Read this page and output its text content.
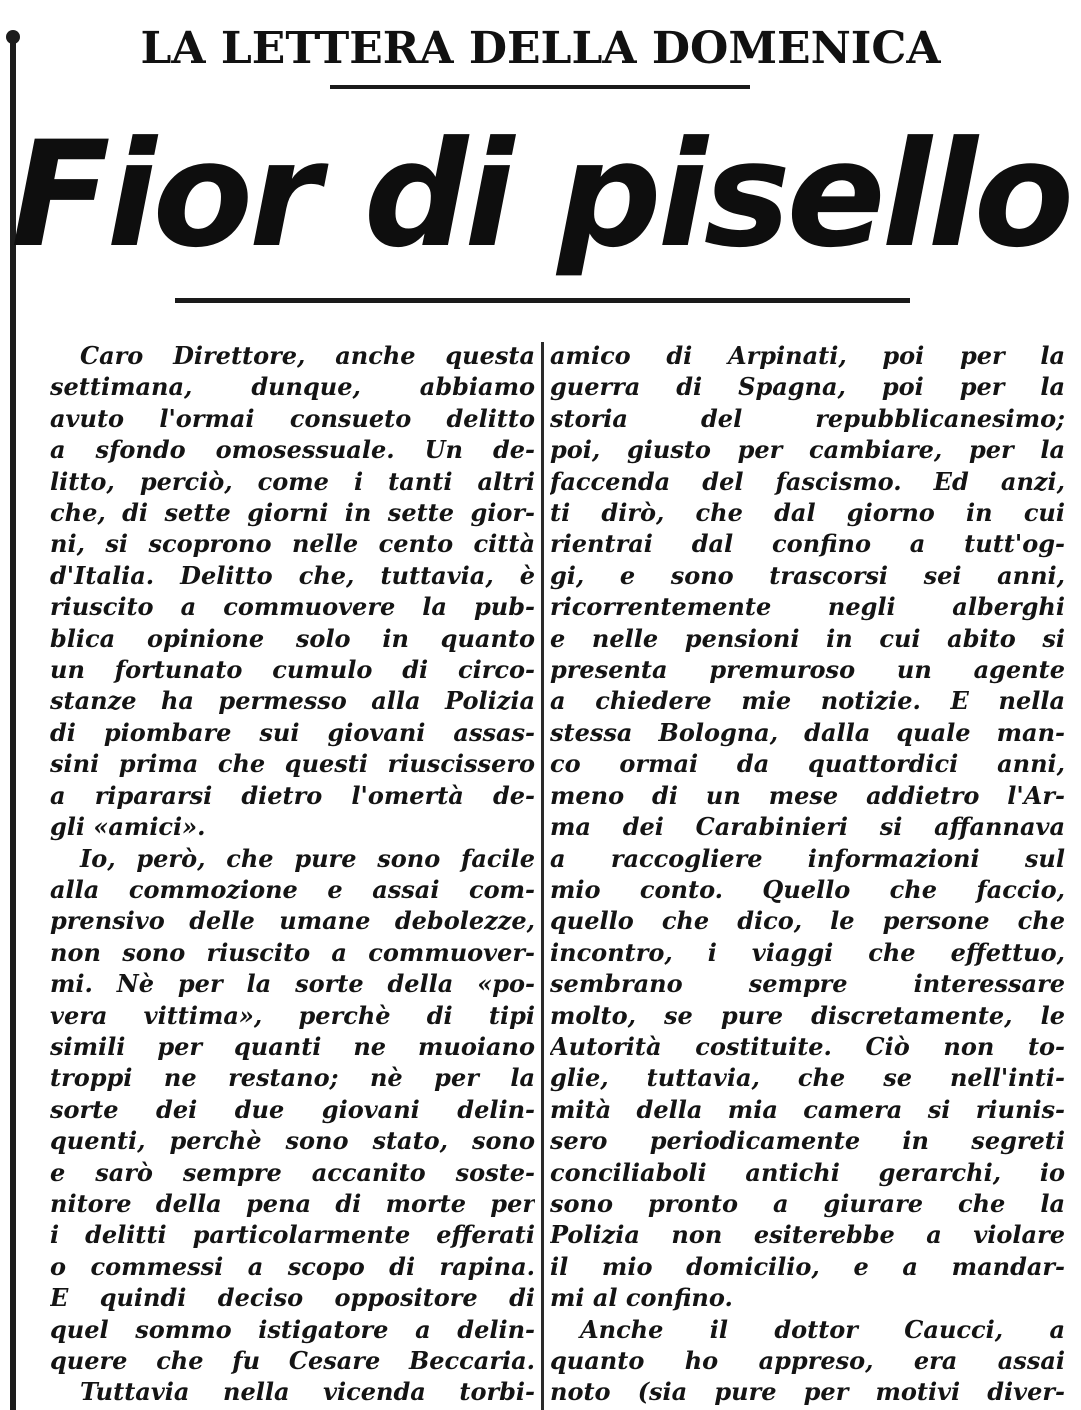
LA LETTERA DELLA DOMENICA
Fior di pisello
Caro Direttore, anche questa
settimana, dunque, abbiamo
avuto l'ormai consueto delitto
a sfondo omosessuale. Un de-
litto, perciò, come i tanti altri
che, di sette giorni in sette gior-
ni, si scoprono nelle cento città
d'Italia. Delitto che, tuttavia, è
riuscito a commuovere la pub-
blica opinione solo in quanto
un fortunato cumulo di circo-
stanze ha permesso alla Polizia
di piombare sui giovani assas-
sini prima che questi riuscissero
a ripararsi dietro l'omertà de-
gli «amici».
Io, però, che pure sono facile
alla commozione e assai com-
prensivo delle umane debolezze,
non sono riuscito a commuover-
mi. Nè per la sorte della «po-
vera vittima», perchè di tipi
simili per quanti ne muoiano
troppi ne restano; nè per la
sorte dei due giovani delin-
quenti, perchè sono stato, sono
e sarò sempre accanito soste-
nitore della pena di morte per
i delitti particolarmente efferati
o commessi a scopo di rapina.
E quindi deciso oppositore di
quel sommo istigatore a delin-
quere che fu Cesare Beccaria.
Tuttavia nella vicenda torbi-
amico di Arpinati, poi per la
guerra di Spagna, poi per la
storia del repubblicanesimo;
poi, giusto per cambiare, per la
faccenda del fascismo. Ed anzi,
ti dirò, che dal giorno in cui
rientrai dal confino a tutt'og-
gi, e sono trascorsi sei anni,
ricorrentemente negli alberghi
e nelle pensioni in cui abito si
presenta premuroso un agente
a chiedere mie notizie. E nella
stessa Bologna, dalla quale man-
co ormai da quattordici anni,
meno di un mese addietro l'Ar-
ma dei Carabinieri si affannava
a raccogliere informazioni sul
mio conto. Quello che faccio,
quello che dico, le persone che
incontro, i viaggi che effettuo,
sembrano sempre interessare
molto, se pure discretamente, le
Autorità costituite. Ciò non to-
glie, tuttavia, che se nell'inti-
mità della mia camera si riunis-
sero periodicamente in segreti
conciliaboli antichi gerarchi, io
sono pronto a giurare che la
Polizia non esiterebbe a violare
il mio domicilio, e a mandar-
mi al confino.
Anche il dottor Caucci, a
quanto ho appreso, era assai
noto (sia pure per motivi diver-
